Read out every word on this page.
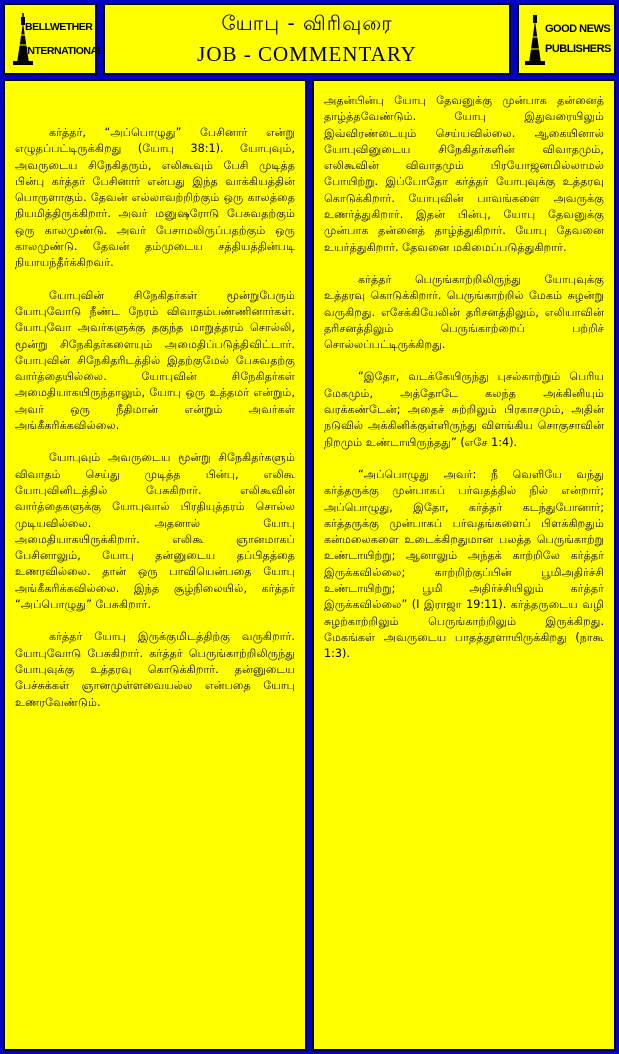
BELLWETHER
INTERNATIONAL
யோபு - விரிவுரை
JOB - COMMENTARY
GOOD NEWS
PUBLISHERS

கர்த்தர், “அப்பொழுது” பேசினார் என்று எழுதப்பட்டிருக்கிறது (யோபு 38:1). யோபுவும், அவருடைய சிநேகிதரும், எலிகூவும் பேசி முடித்த பின்பு கர்த்தர் பேசினார் என்பது இந்த வாக்கியத்தின் பொருளாகும். தேவன் எல்லாவற்றிற்கும் ஒரு காலத்தை நியமித்திருக்கிறார். அவர் மனுஷரோடு பேசுவதற்கும் ஒரு காலமுண்டு. அவர் பேசாமலிருப்பதற்கும் ஒரு காலமுண்டு. தேவன் தம்முடைய சத்தியத்தின்படி நியாயந்தீர்க்கிறவர்.

யோபுவின் சிநேகிதர்கள் மூன்றுபேரும் யோபுவோடு நீண்ட நேரம் விவாதம்பண்ணினார்கள். யோபுவோ அவர்களுக்கு தகுந்த மாறுத்தரம் சொல்லி, மூன்று சிநேகிதர்களையும் அமைதிப்படுத்திவிட்டார். யோபுவின் சிநேகிதரிடத்தில் இதற்குமேல் பேசுவதற்கு வார்த்தையில்லை. யோபுவின் சிநேகிதர்கள் அமைதியாகயிருந்தாலும், யோபு ஒரு உத்தமர் என்றும், அவர் ஒரு நீதிமான் என்றும் அவர்கள் அங்கீகரிக்கவில்லை.

யோபுவும் அவருடைய மூன்று சிநேகிதர்களும் விவாதம் செய்து முடித்த பின்பு, எலிகூ யோபுவினிடத்தில் பேசுகிறார். எலிகூவின் வார்த்தைகளுக்கு யோபுவால் பிரதியுத்தரம் சொல்ல முடியவில்லை. அதனால் யோபு அமைதியாகயிருக்கிறார். எலிகூ ஞானமாகப் பேசினாலும், யோபு தன்னுடைய தப்பிதத்தை உணரவில்லை. தான் ஒரு பாவியென்பதை யோபு அங்கீகரிக்கவில்லை. இந்த சூழ்நிலையில், கர்த்தர் “அப்பொழுது” பேசுகிறார்.

கர்த்தர் யோபு இருக்குமிடத்திற்கு வருகிறார். யோபுவோடு பேசுகிறார். கர்த்தர் பெருங்காற்றிலிருந்து யோபுவுக்கு உத்தரவு கொடுக்கிறார். தன்னுடைய பேச்சுக்கள் ஞானமுள்ளவையல்ல என்பதை யோபு உணரவேண்டும்.

அதன்பின்பு யோபு தேவனுக்கு முன்பாக தன்னைத் தாழ்த்தவேண்டும். யோபு இதுவரையிலும் இவ்விரண்டையும் செய்யவில்லை. ஆகையினால் யோபுவினுடைய சிநேகிதர்களின் விவாதமும், எலிகூவின் விவாதமும் பிரயோஜனமில்லாமல் போயிற்று. இப்போதோ கர்த்தர் யோபுவுக்கு உத்தரவு கொடுக்கிறார். யோபுவின் பாவங்களை அவருக்கு உணர்த்துகிறார். இதன் பின்பு, யோபு தேவனுக்கு முன்பாக தன்னைத் தாழ்த்துகிறார். யோபு தேவனை உயர்த்துகிறார். தேவனை மகிமைப்படுத்துகிறார்.

கர்த்தர் பெருங்காற்றிலிருந்து யோபுவுக்கு உத்தரவு கொடுக்கிறார். பெருங்காற்றில் மேகம் சுழன்று வருகிறது. எசேக்கியேலின் தரிசனத்திலும், எலியாவின் தரிசனத்திலும் பெருங்காற்றைப் பற்றிச் சொல்லப்பட்டிருக்கிறது.

“இதோ, வடக்கேயிருந்து புசல்காற்றும் பெரிய மேகமும், அத்தோடே கலந்த அக்கினியும் வரக்கண்டேன்; அதைச் சுற்றிலும் பிரகாசமும், அதின் நடுவில் அக்கினிக்குள்ளிருந்து விளங்கிய சொகுசாவின் நிறமும் உண்டாயிருந்தது” (எசே 1:4).

“அப்பொழுது அவர்: நீ வெளியே வந்து கர்த்தருக்கு முன்பாகப் பர்வதத்தில் நில் என்றார்; அப்பொழுது, இதோ, கர்த்தர் கடந்துபோனார்; கர்த்தருக்கு முன்பாகப் பர்வதங்களைப் பிளக்கிறதும் கன்மலைகளை உடைக்கிறதுமான பலத்த பெருங்காற்று உண்டாயிற்று; ஆனாலும் அந்தக் காற்றிலே கர்த்தர் இருக்கவில்லை; காற்றிற்குப்பின் பூமிஅதிர்ச்சி உண்டாயிற்று; பூமி அதிர்ச்சியிலும் கர்த்தர் இருக்கவில்லை” (I இராஜா 19:11). கர்த்தருடைய வழி சுழற்காற்றிலும் பெருங்காற்றிலும் இருக்கிறது. மேகங்கள் அவருடைய பாதத்தூளாயிருக்கிறது (நாகூ 1:3).
